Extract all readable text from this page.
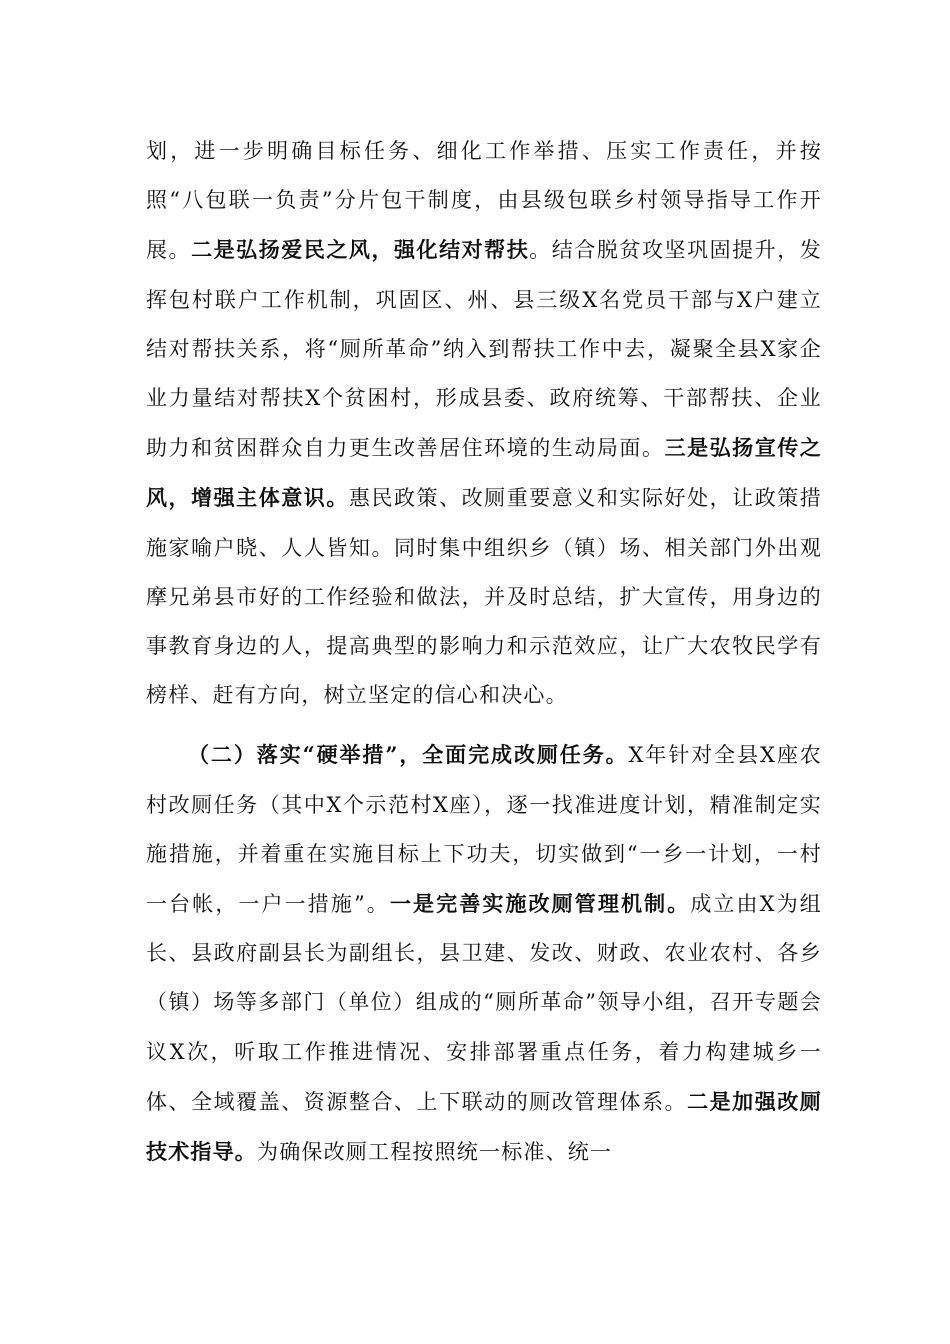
划，进一步明确目标任务、细化工作举措、压实工作责任，并按照“八包联一负责”分片包干制度，由县级包联乡村领导指导工作开展。二是弘扬爱民之风，强化结对帮扶。结合脱贫攻坚巩固提升，发挥包村联户工作机制，巩固区、州、县三级X名党员干部与X户建立结对帮扶关系，将“厕所革命”纳入到帮扶工作中去，凝聚全县X家企业力量结对帮扶X个贫困村，形成县委、政府统筹、干部帮扶、企业助力和贫困群众自力更生改善居住环境的生动局面。三是弘扬宣传之风，增强主体意识。惠民政策、改厕重要意义和实际好处，让政策措施家喻户晓、人人皆知。同时集中组织乡（镇）场、相关部门外出观摩兄弟县市好的工作经验和做法，并及时总结，扩大宣传，用身边的事教育身边的人，提高典型的影响力和示范效应，让广大农牧民学有榜样、赶有方向，树立坚定的信心和决心。

（二）落实“硬举措”，全面完成改厕任务。X年针对全县X座农村改厕任务（其中X个示范村X座），逐一找准进度计划，精准制定实施措施，并着重在实施目标上下功夫，切实做到“一乡一计划，一村一台帐，一户一措施”。一是完善实施改厕管理机制。成立由X为组长、县政府副县长为副组长，县卫建、发改、财政、农业农村、各乡（镇）场等多部门（单位）组成的“厕所革命”领导小组，召开专题会议X次，听取工作推进情况、安排部署重点任务，着力构建城乡一体、全域覆盖、资源整合、上下联动的厕改管理体系。二是加强改厕技术指导。为确保改厕工程按照统一标准、统一
